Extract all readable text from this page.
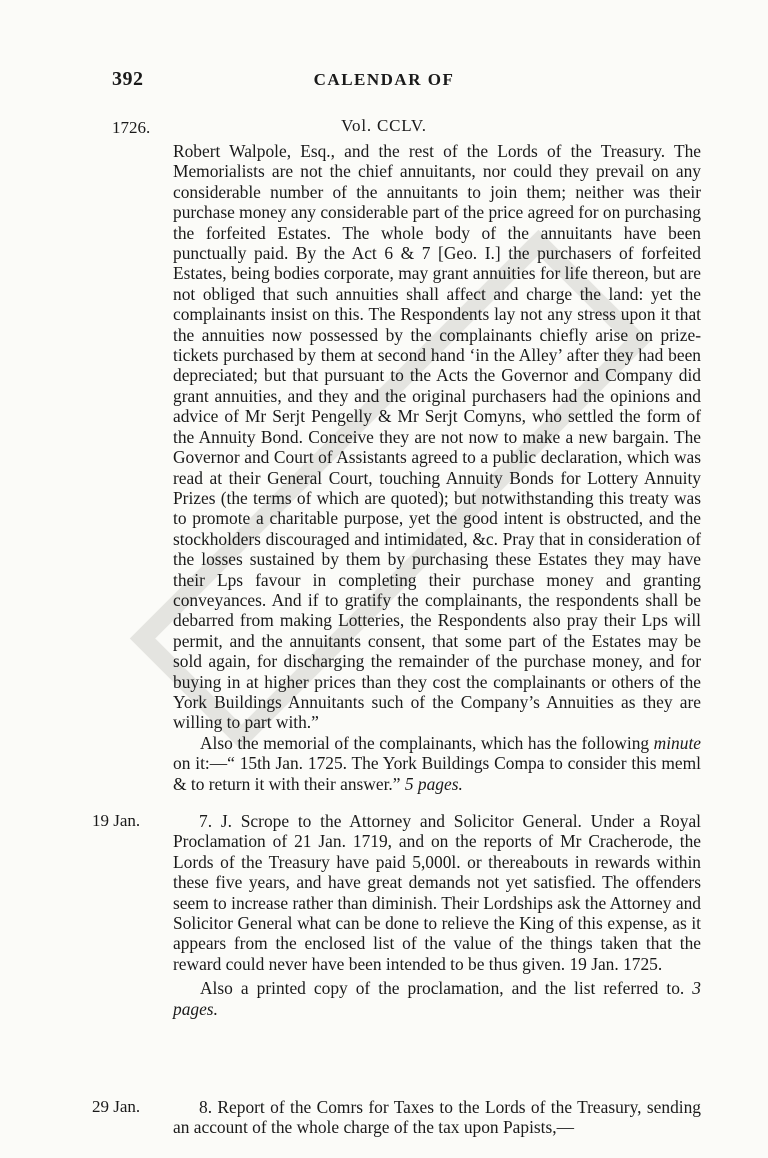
392	CALENDAR OF
1726.	Vol. CCLV.

Robert Walpole, Esq., and the rest of the Lords of the Treasury. The Memorialists are not the chief annuitants, nor could they prevail on any considerable number of the annuitants to join them; neither was their purchase money any considerable part of the price agreed for on purchasing the forfeited Estates. The whole body of the annuitants have been punctually paid. By the Act 6 & 7 [Geo. I.] the purchasers of forfeited Estates, being bodies corporate, may grant annuities for life thereon, but are not obliged that such annuities shall affect and charge the land: yet the complainants insist on this. The Respondents lay not any stress upon it that the annuities now possessed by the complainants chiefly arise on prize-tickets purchased by them at second hand ‘in the Alley’ after they had been depreciated; but that pursuant to the Acts the Governor and Company did grant annuities, and they and the original purchasers had the opinions and advice of Mr Serjt Pengelly & Mr Serjt Comyns, who settled the form of the Annuity Bond. Conceive they are not now to make a new bargain. The Governor and Court of Assistants agreed to a public declaration, which was read at their General Court, touching Annuity Bonds for Lottery Annuity Prizes (the terms of which are quoted); but notwithstanding this treaty was to promote a charitable purpose, yet the good intent is obstructed, and the stockholders discouraged and intimidated, &c. Pray that in consideration of the losses sustained by them by purchasing these Estates they may have their Lps favour in completing their purchase money and granting conveyances. And if to gratify the complainants, the respondents shall be debarred from making Lotteries, the Respondents also pray their Lps will permit, and the annuitants consent, that some part of the Estates may be sold again, for discharging the remainder of the purchase money, and for buying in at higher prices than they cost the complainants or others of the York Buildings Annuitants such of the Company’s Annuities as they are willing to part with.”

Also the memorial of the complainants, which has the following minute on it:—“ 15th Jan. 1725. The York Buildings Compa to consider this meml & to return it with their answer.” 5 pages.

19 Jan.	7. J. Scrope to the Attorney and Solicitor General. Under a Royal Proclamation of 21 Jan. 1719, and on the reports of Mr Cracherode, the Lords of the Treasury have paid 5,000l. or thereabouts in rewards within these five years, and have great demands not yet satisfied. The offenders seem to increase rather than diminish. Their Lordships ask the Attorney and Solicitor General what can be done to relieve the King of this expense, as it appears from the enclosed list of the value of the things taken that the reward could never have been intended to be thus given. 19 Jan. 1725.

Also a printed copy of the proclamation, and the list referred to. 3 pages.

29 Jan.	8. Report of the Comrs for Taxes to the Lords of the Treasury, sending an account of the whole charge of the tax upon Papists,—
